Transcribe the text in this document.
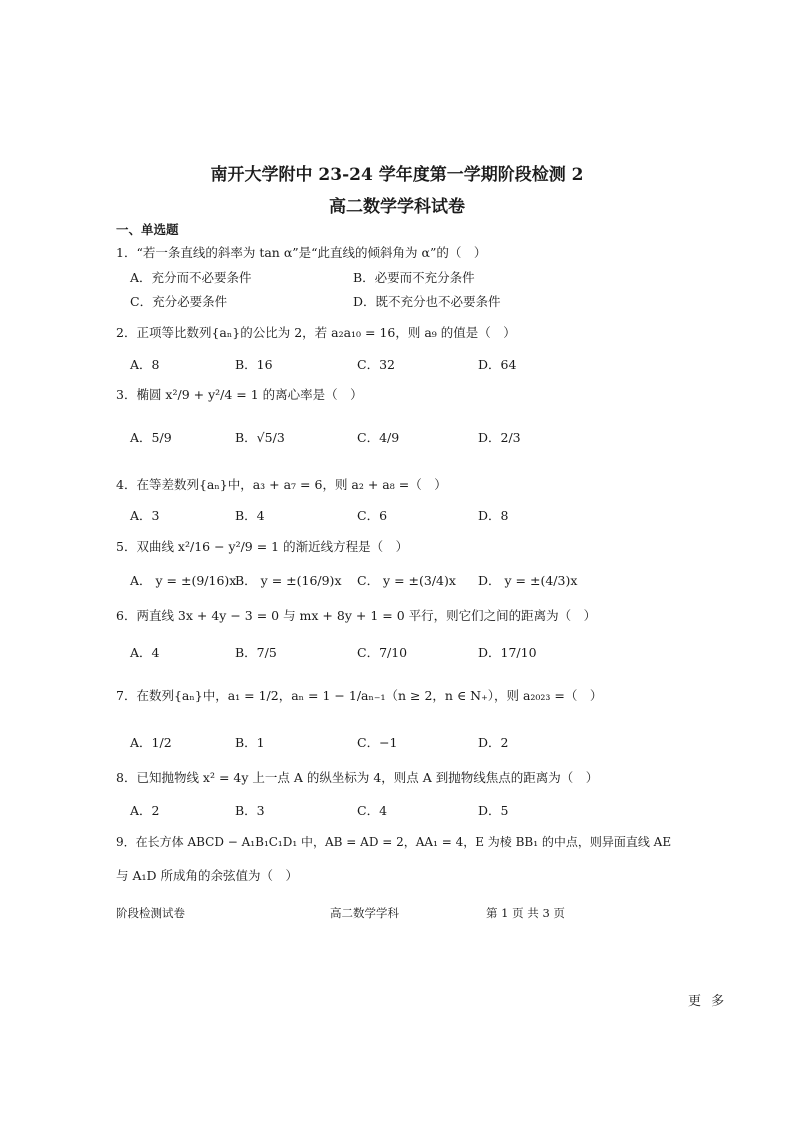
南开大学附中 23-24 学年度第一学期阶段检测 2
高二数学学科试卷
一、单选题
1．“若一条直线的斜率为 tan α”是“此直线的倾斜角为 α”的（　）
A．充分而不必要条件	B．必要而不充分条件
C．充分必要条件	D．既不充分也不必要条件
2．正项等比数列{aₙ}的公比为 2，若 a₂a₁₀ = 16，则 a₉ 的值是（　）
A．8	B．16	C．32	D．64
3．椭圆 x²/9 + y²/4 = 1 的离心率是（　）
A．5/9	B．√5/3	C．4/9	D．2/3
4．在等差数列{aₙ}中，a₃ + a₇ = 6，则 a₂ + a₈ =（　）
A．3	B．4	C．6	D．8
5．双曲线 x²/16 − y²/9 = 1 的渐近线方程是（　）
A． y = ±(9/16)x
B． y = ±(16/9)x C． y = ±(3/4)x D． y = ±(4/3)x
6．两直线 3x + 4y − 3 = 0 与 mx + 8y + 1 = 0 平行，则它们之间的距离为（　）
A．4	B．7/5	C．7/10	D．17/10
7．在数列{aₙ}中，a₁ = 1/2，aₙ = 1 − 1/aₙ₋₁（n ≥ 2，n ∈ N₊），则 a₂₀₂₃ =（　）
A．1/2	B．1	C．−1	D．2
8．已知抛物线 x² = 4y 上一点 A 的纵坐标为 4，则点 A 到抛物线焦点的距离为（　）
A．2	B．3	C．4	D．5
9．在长方体 ABCD − A₁B₁C₁D₁ 中，AB = AD = 2，AA₁ = 4，E 为棱 BB₁ 的中点，则异面直线 AE
与 A₁D 所成角的余弦值为（　）
阶段检测试卷	高二数学学科	第 1 页 共 3 页
更 多
